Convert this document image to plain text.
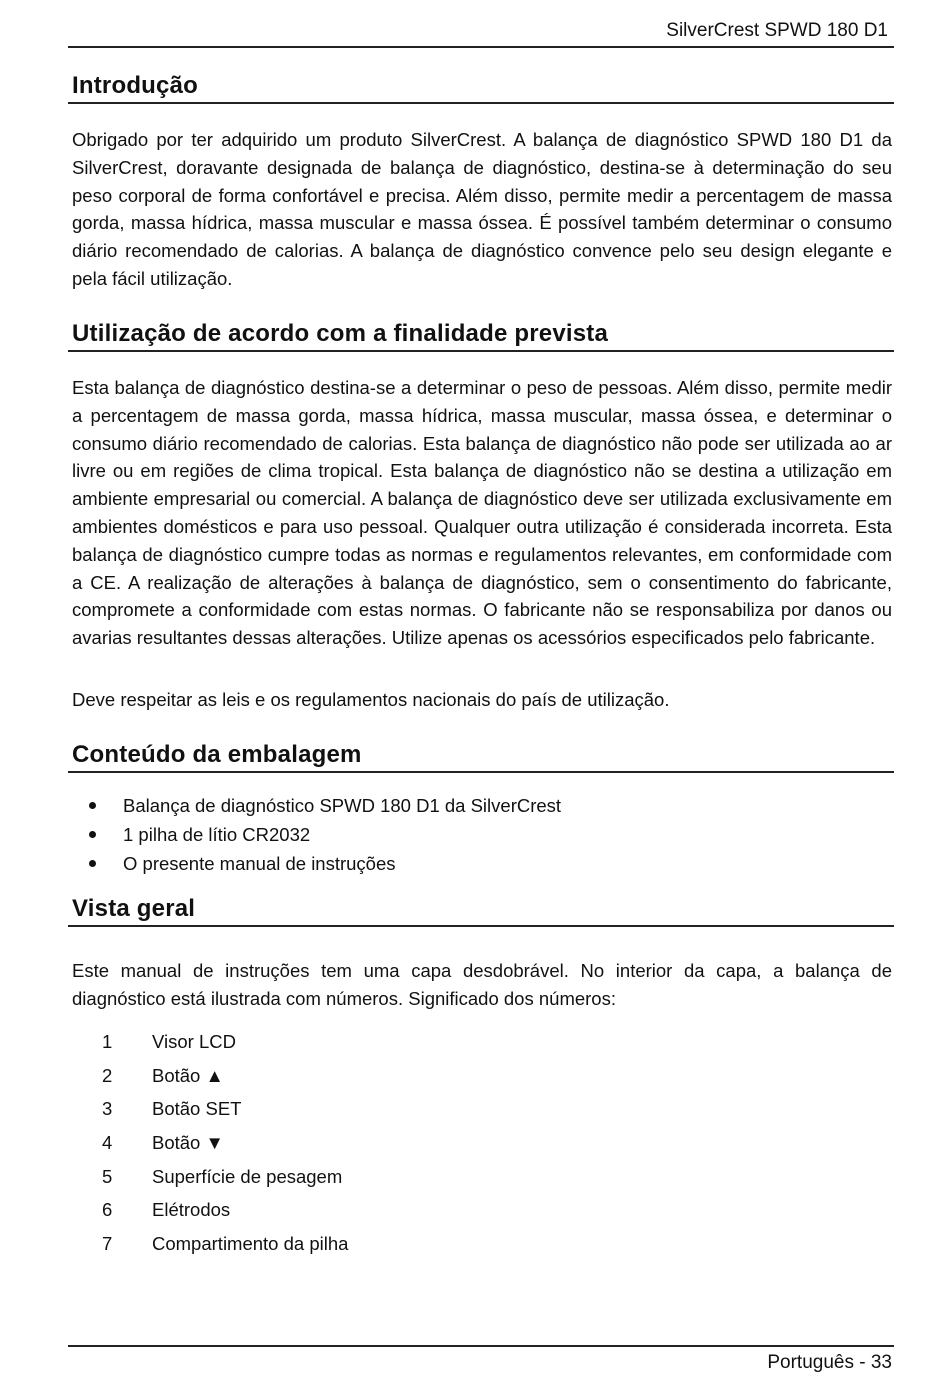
SilverCrest SPWD 180 D1
Introdução

Obrigado por ter adquirido um produto SilverCrest. A balança de diagnóstico SPWD 180 D1 da SilverCrest, doravante designada de balança de diagnóstico, destina-se à determinação do seu peso corporal de forma confortável e precisa. Além disso, permite medir a percentagem de massa gorda, massa hídrica, massa muscular e massa óssea. É possível também determinar o consumo diário recomendado de calorias. A balança de diagnóstico convence pelo seu design elegante e pela fácil utilização.

Utilização de acordo com a finalidade prevista

Esta balança de diagnóstico destina-se a determinar o peso de pessoas. Além disso, permite medir a percentagem de massa gorda, massa hídrica, massa muscular, massa óssea, e determinar o consumo diário recomendado de calorias. Esta balança de diagnóstico não pode ser utilizada ao ar livre ou em regiões de clima tropical. Esta balança de diagnóstico não se destina a utilização em ambiente empresarial ou comercial. A balança de diagnóstico deve ser utilizada exclusivamente em ambientes domésticos e para uso pessoal. Qualquer outra utilização é considerada incorreta. Esta balança de diagnóstico cumpre todas as normas e regulamentos relevantes, em conformidade com a CE. A realização de alterações à balança de diagnóstico, sem o consentimento do fabricante, compromete a conformidade com estas normas. O fabricante não se responsabiliza por danos ou avarias resultantes dessas alterações. Utilize apenas os acessórios especificados pelo fabricante.

Deve respeitar as leis e os regulamentos nacionais do país de utilização.

Conteúdo da embalagem
Balança de diagnóstico SPWD 180 D1 da SilverCrest
1 pilha de lítio CR2032
O presente manual de instruções
Vista geral

Este manual de instruções tem uma capa desdobrável. No interior da capa, a balança de diagnóstico está ilustrada com números. Significado dos números:

1	Visor LCD
2	Botão ▲
3	Botão SET
4	Botão ▼
5	Superfície de pesagem
6	Elétrodos
7	Compartimento da pilha
Português - 33
